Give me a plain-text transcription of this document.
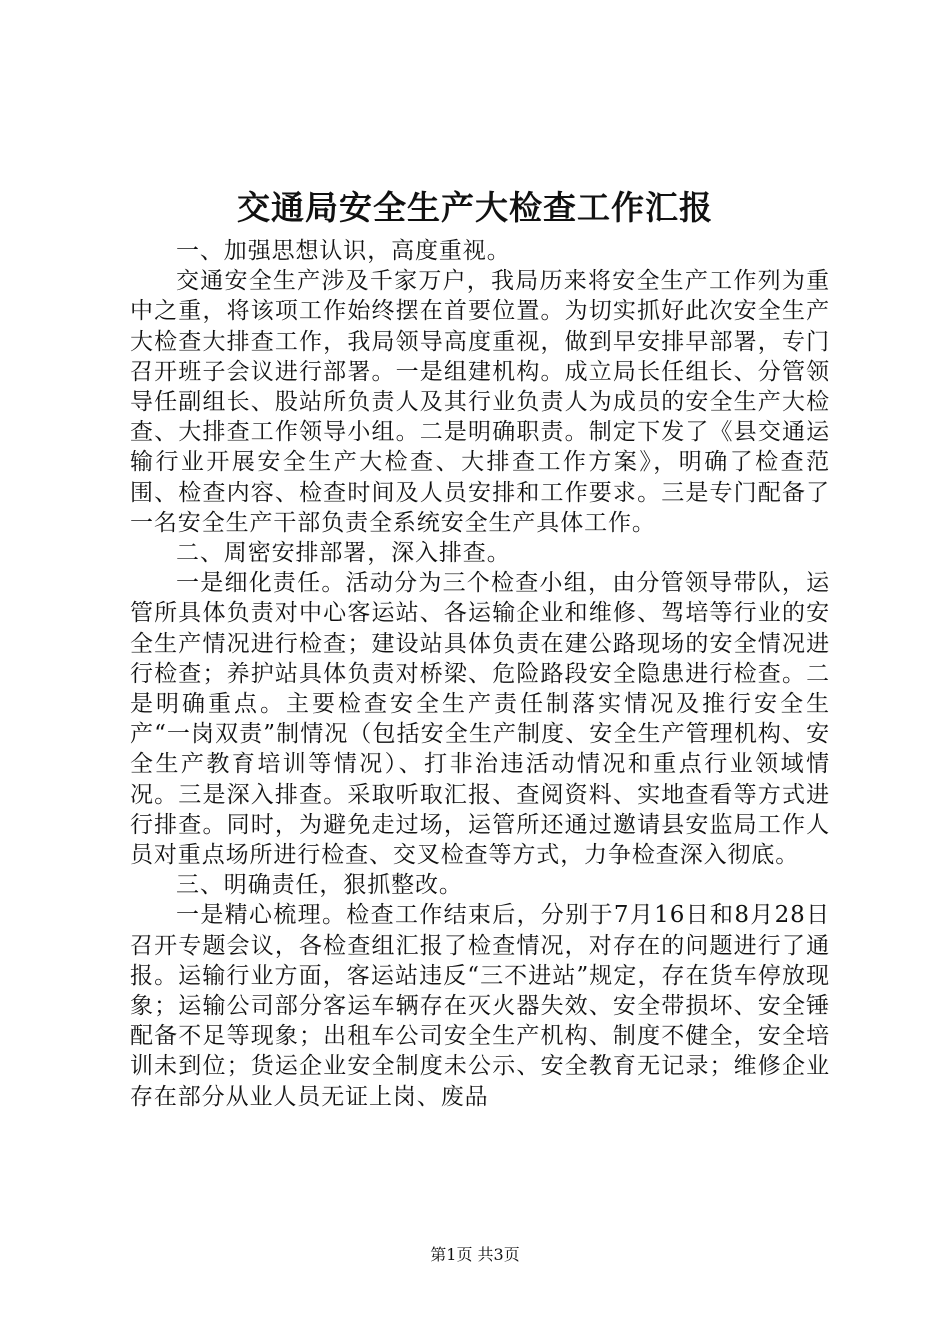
交通局安全生产大检查工作汇报

一、加强思想认识，高度重视。

交通安全生产涉及千家万户，我局历来将安全生产工作列为重中之重，将该项工作始终摆在首要位置。为切实抓好此次安全生产大检查大排查工作，我局领导高度重视，做到早安排早部署，专门召开班子会议进行部署。一是组建机构。成立局长任组长、分管领导任副组长、股站所负责人及其行业负责人为成员的安全生产大检查、大排查工作领导小组。二是明确职责。制定下发了《县交通运输行业开展安全生产大检查、大排查工作方案》，明确了检查范围、检查内容、检查时间及人员安排和工作要求。三是专门配备了一名安全生产干部负责全系统安全生产具体工作。

二、周密安排部署，深入排查。

一是细化责任。活动分为三个检查小组，由分管领导带队，运管所具体负责对中心客运站、各运输企业和维修、驾培等行业的安全生产情况进行检查；建设站具体负责在建公路现场的安全情况进行检查；养护站具体负责对桥梁、危险路段安全隐患进行检查。二是明确重点。主要检查安全生产责任制落实情况及推行安全生产“一岗双责”制情况（包括安全生产制度、安全生产管理机构、安全生产教育培训等情况）、打非治违活动情况和重点行业领域情况。三是深入排查。采取听取汇报、查阅资料、实地查看等方式进行排查。同时，为避免走过场，运管所还通过邀请县安监局工作人员对重点场所进行检查、交叉检查等方式，力争检查深入彻底。

三、明确责任，狠抓整改。

一是精心梳理。检查工作结束后，分别于7月16日和8月28日召开专题会议，各检查组汇报了检查情况，对存在的问题进行了通报。运输行业方面，客运站违反“三不进站”规定，存在货车停放现象；运输公司部分客运车辆存在灭火器失效、安全带损坏、安全锤配备不足等现象；出租车公司安全生产机构、制度不健全，安全培训未到位；货运企业安全制度未公示、安全教育无记录；维修企业存在部分从业人员无证上岗、废品

第1页 共3页
